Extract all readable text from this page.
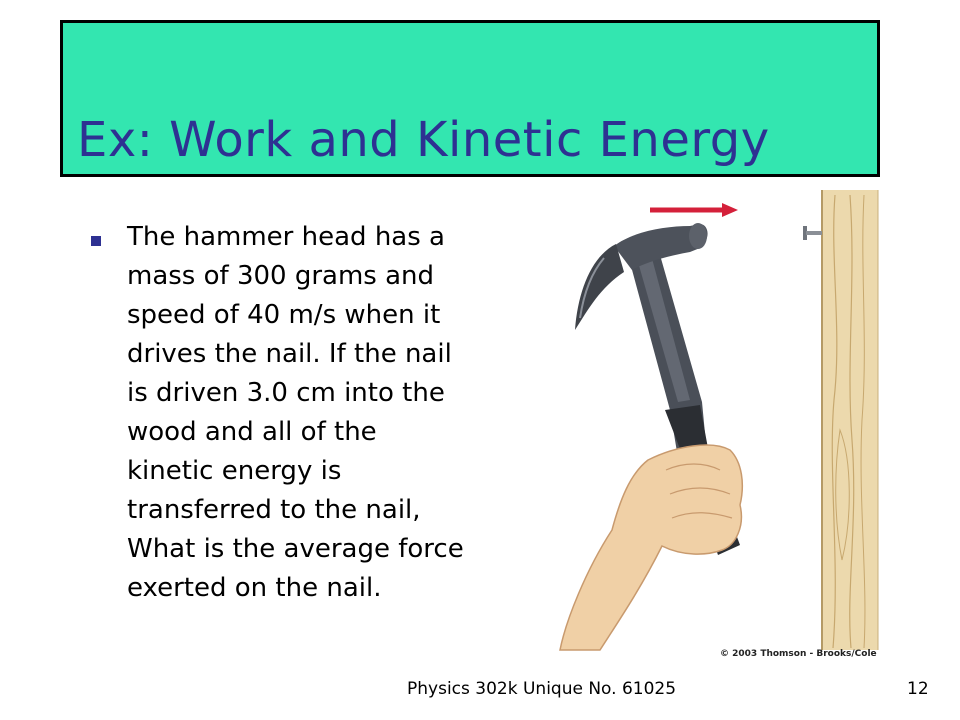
Ex: Work and Kinetic Energy
The hammer head has a mass of 300 grams and speed of 40 m/s when it drives the nail. If the nail is driven 3.0 cm into the wood and all of the kinetic energy is transferred to the nail, What is the average force exerted on the nail.
© 2003 Thomson - Brooks/Cole
Physics 302k Unique No. 61025	12
